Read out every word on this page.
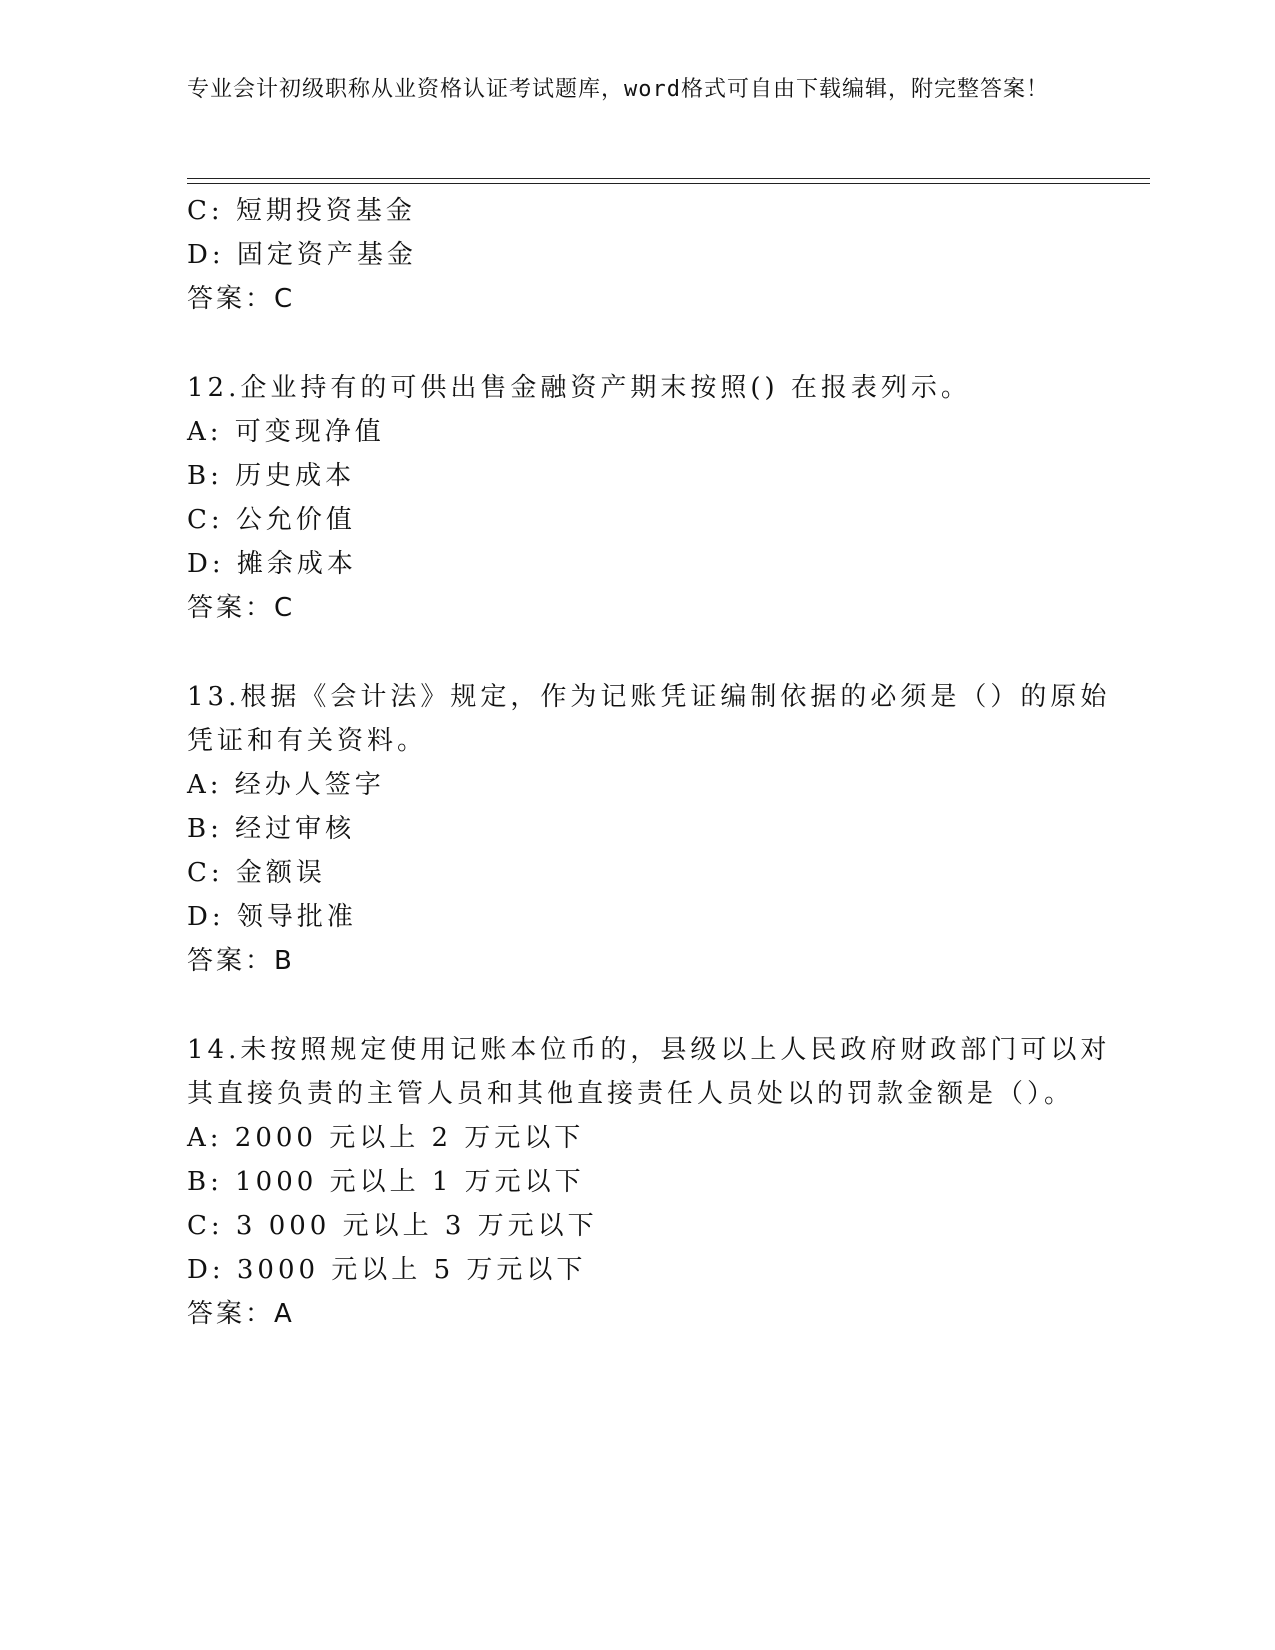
专业会计初级职称从业资格认证考试题库，word格式可自由下载编辑，附完整答案！
C: 短期投资基金
D: 固定资产基金
答案：C
12.企业持有的可供出售金融资产期末按照() 在报表列示。
A: 可变现净值
B: 历史成本
C: 公允价值
D: 摊余成本
答案：C
13.根据《会计法》规定，作为记账凭证编制依据的必须是（）的原始
凭证和有关资料。
A: 经办人签字
B: 经过审核
C: 金额误
D: 领导批准
答案：B
14.未按照规定使用记账本位币的，县级以上人民政府财政部门可以对
其直接负责的主管人员和其他直接责任人员处以的罚款金额是（）。
A: 2000 元以上 2 万元以下
B: 1000 元以上 1 万元以下
C: 3 000 元以上 3 万元以下
D: 3000 元以上 5 万元以下
答案：A
